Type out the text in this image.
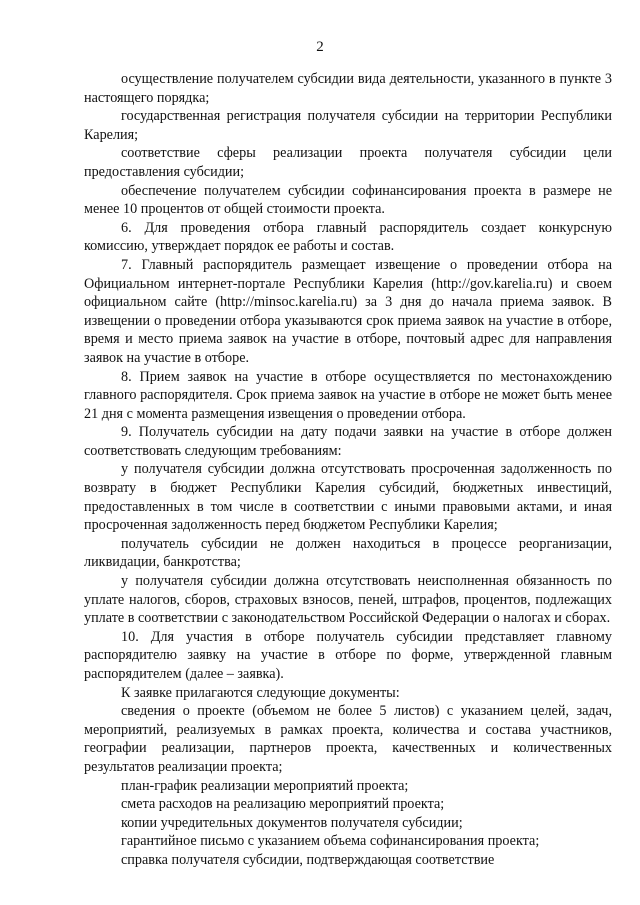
2

осуществление получателем субсидии вида деятельности, указанного в пункте 3 настоящего порядка;

государственная регистрация получателя субсидии на территории Республики Карелия;

соответствие сферы реализации проекта получателя субсидии цели предоставления субсидии;

обеспечение получателем субсидии софинансирования проекта в размере не менее 10 процентов от общей стоимости проекта.

6. Для проведения отбора главный распорядитель создает конкурсную комиссию, утверждает порядок ее работы и состав.

7. Главный распорядитель размещает извещение о проведении отбора на Официальном интернет-портале Республики Карелия (http://gov.karelia.ru) и своем официальном сайте (http://minsoc.karelia.ru) за 3 дня до начала приема заявок. В извещении о проведении отбора указываются срок приема заявок на участие в отборе, время и место приема заявок на участие в отборе, почтовый адрес для направления заявок на участие в отборе.

8. Прием заявок на участие в отборе осуществляется по местонахождению главного распорядителя. Срок приема заявок на участие в отборе не может быть менее 21 дня с момента размещения извещения о проведении отбора.

9. Получатель субсидии на дату подачи заявки на участие в отборе должен соответствовать следующим требованиям:

у получателя субсидии должна отсутствовать просроченная задолженность по возврату в бюджет Республики Карелия субсидий, бюджетных инвестиций, предоставленных в том числе в соответствии с иными правовыми актами, и иная просроченная задолженность перед бюджетом Республики Карелия;

получатель субсидии не должен находиться в процессе реорганизации, ликвидации, банкротства;

у получателя субсидии должна отсутствовать неисполненная обязанность по уплате налогов, сборов, страховых взносов, пеней, штрафов, процентов, подлежащих уплате в соответствии с законодательством Российской Федерации о налогах и сборах.

10. Для участия в отборе получатель субсидии представляет главному распорядителю заявку на участие в отборе по форме, утвержденной главным распорядителем (далее – заявка).

К заявке прилагаются следующие документы:

сведения о проекте (объемом не более 5 листов) с указанием целей, задач, мероприятий, реализуемых в рамках проекта, количества и состава участников, географии реализации, партнеров проекта, качественных и количественных результатов реализации проекта;

план-график реализации мероприятий проекта;

смета расходов на реализацию мероприятий проекта;

копии учредительных документов получателя субсидии;

гарантийное письмо с указанием объема софинансирования проекта;

справка получателя субсидии, подтверждающая соответствие
